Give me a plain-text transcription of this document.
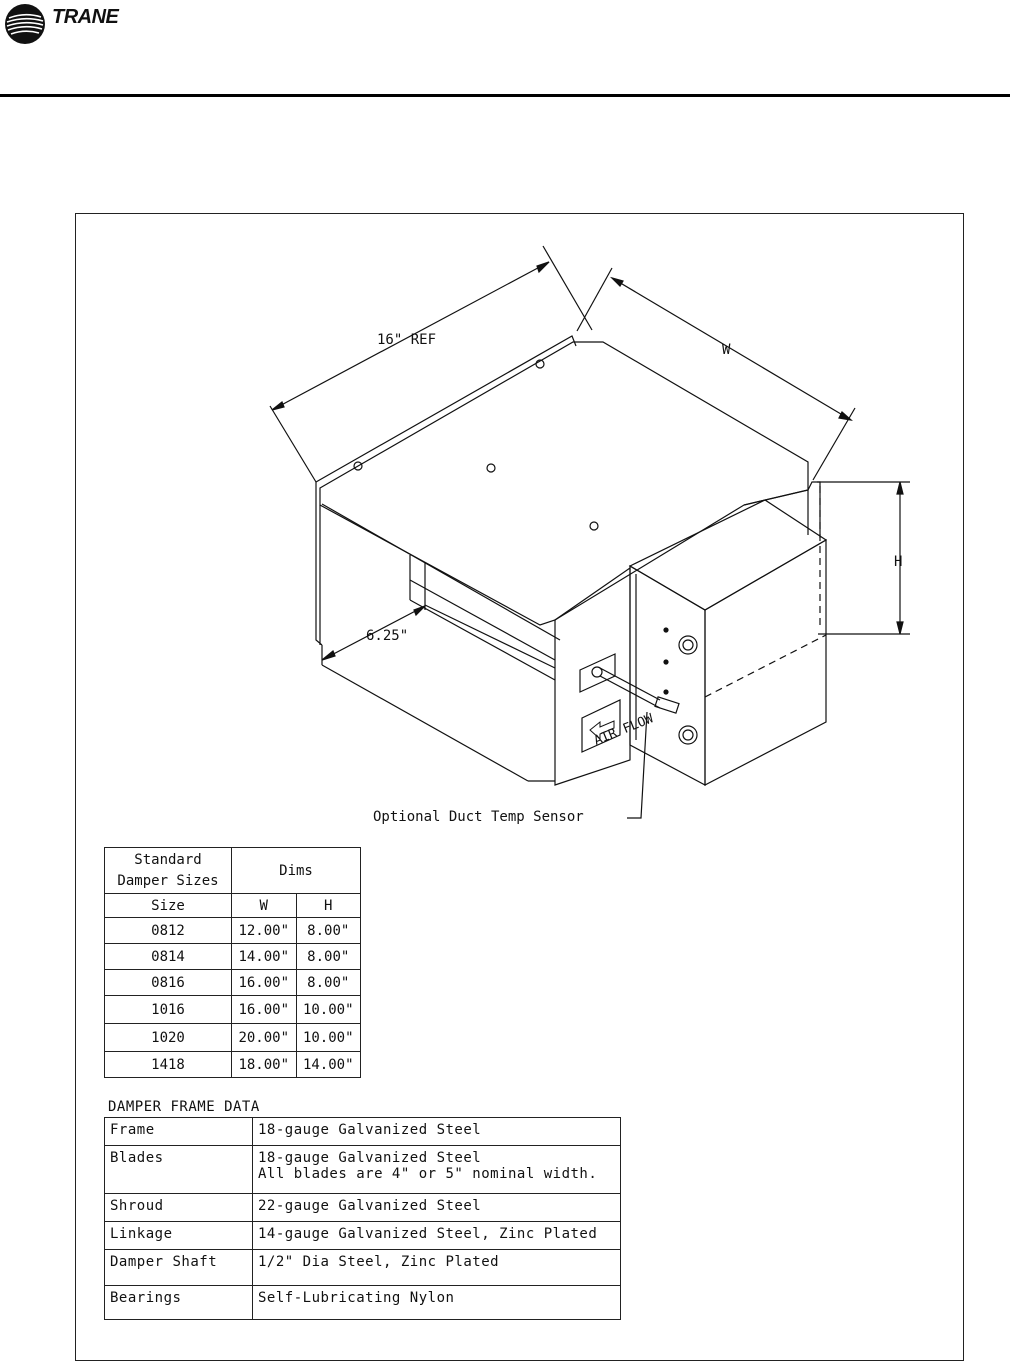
TRANE
16" REF
W
H
AIR FLOW
6.25"
Optional Duct Temp Sensor
Standard
Damper Sizes	Dims	
Size	W	H
0812	12.00"	8.00"
0814	14.00"	8.00"
0816	16.00"	8.00"
1016	16.00"	10.00"
1020	20.00"	10.00"
1418	18.00"	14.00"
DAMPER FRAME DATA
Frame	18-gauge Galvanized Steel
Blades	18-gauge Galvanized Steel
All blades are 4" or 5" nominal width.

Shroud	22-gauge Galvanized Steel
Linkage	14-gauge Galvanized Steel, Zinc Plated
Damper Shaft	1/2" Dia Steel, Zinc Plated
Bearings	Self-Lubricating Nylon
